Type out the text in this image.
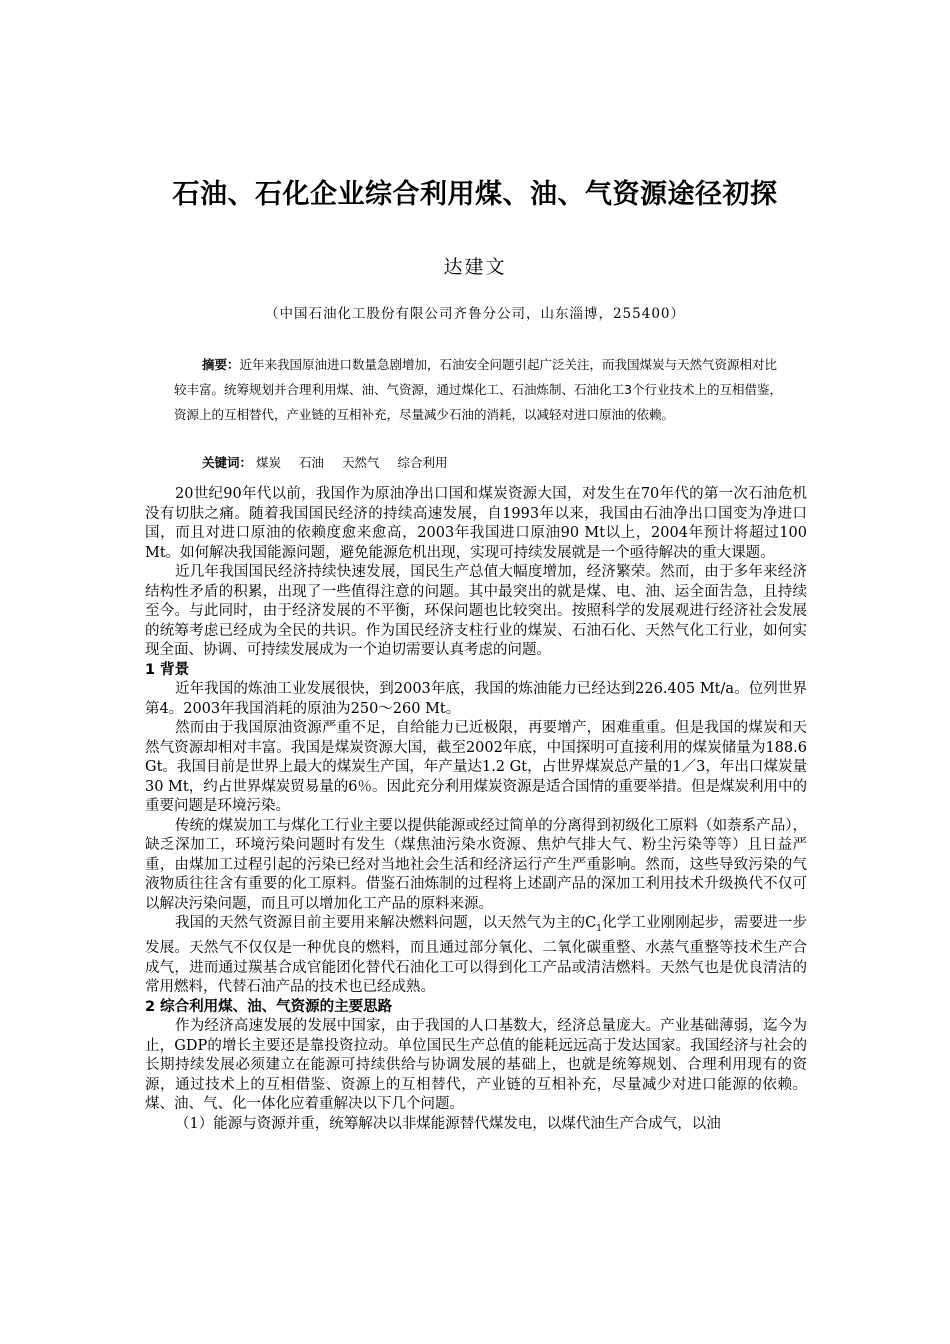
石油、石化企业综合利用煤、油、气资源途径初探
达建文
（中国石油化工股份有限公司齐鲁分公司，山东淄博，255400）
摘要：近年来我国原油进口数量急剧增加，石油安全问题引起广泛关注，而我国煤炭与天然气资源相对比较丰富。统筹规划并合理利用煤、油、气资源，通过煤化工、石油炼制、石油化工3个行业技术上的互相借鉴，资源上的互相替代，产业链的互相补充，尽量减少石油的消耗，以减轻对进口原油的依赖。
关键词： 煤炭 石油 天然气 综合利用

20世纪90年代以前，我国作为原油净出口国和煤炭资源大国，对发生在70年代的第一次石油危机没有切肤之痛。随着我国国民经济的持续高速发展，自1993年以来，我国由石油净出口国变为净进口国，而且对进口原油的依赖度愈来愈高，2003年我国进口原油90 Mt以上，2004年预计将超过100 Mt。如何解决我国能源问题，避免能源危机出现，实现可持续发展就是一个亟待解决的重大课题。

近几年我国国民经济持续快速发展，国民生产总值大幅度增加，经济繁荣。然而，由于多年来经济结构性矛盾的积累，出现了一些值得注意的问题。其中最突出的就是煤、电、油、运全面告急，且持续至今。与此同时，由于经济发展的不平衡，环保问题也比较突出。按照科学的发展观进行经济社会发展的统筹考虑已经成为全民的共识。作为国民经济支柱行业的煤炭、石油石化、天然气化工行业，如何实现全面、协调、可持续发展成为一个迫切需要认真考虑的问题。

1 背景

近年我国的炼油工业发展很快，到2003年底，我国的炼油能力已经达到226.405 Mt/a。位列世界第4。2003年我国消耗的原油为250～260 Mt。

然而由于我国原油资源严重不足，自给能力已近极限，再要增产，困难重重。但是我国的煤炭和天然气资源却相对丰富。我国是煤炭资源大国，截至2002年底，中国探明可直接利用的煤炭储量为188.6 Gt。我国目前是世界上最大的煤炭生产国，年产量达1.2 Gt，占世界煤炭总产量的1／3，年出口煤炭量30 Mt，约占世界煤炭贸易量的6％。因此充分利用煤炭资源是适合国情的重要举措。但是煤炭利用中的重要问题是环境污染。

传统的煤炭加工与煤化工行业主要以提供能源或经过简单的分离得到初级化工原料（如萘系产品），缺乏深加工，环境污染问题时有发生（煤焦油污染水资源、焦炉气排大气、粉尘污染等等）且日益严重，由煤加工过程引起的污染已经对当地社会生活和经济运行产生严重影响。然而，这些导致污染的气液物质往往含有重要的化工原料。借鉴石油炼制的过程将上述副产品的深加工利用技术升级换代不仅可以解决污染问题，而且可以增加化工产品的原料来源。

我国的天然气资源目前主要用来解决燃料问题，以天然气为主的$C_1$化学工业刚刚起步，需要进一步发展。天然气不仅仅是一种优良的燃料，而且通过部分氧化、二氧化碳重整、水蒸气重整等技术生产合成气，进而通过羰基合成官能团化替代石油化工可以得到化工产品或清洁燃料。天然气也是优良清洁的常用燃料，代替石油产品的技术也已经成熟。

2 综合利用煤、油、气资源的主要思路

作为经济高速发展的发展中国家，由于我国的人口基数大，经济总量庞大。产业基础薄弱，迄今为止，GDP的增长主要还是靠投资拉动。单位国民生产总值的能耗远远高于发达国家。我国经济与社会的长期持续发展必须建立在能源可持续供给与协调发展的基础上，也就是统筹规划、合理利用现有的资源，通过技术上的互相借鉴、资源上的互相替代，产业链的互相补充，尽量减少对进口能源的依赖。煤、油、气、化一体化应着重解决以下几个问题。

（1）能源与资源并重，统筹解决以非煤能源替代煤发电，以煤代油生产合成气，以油
